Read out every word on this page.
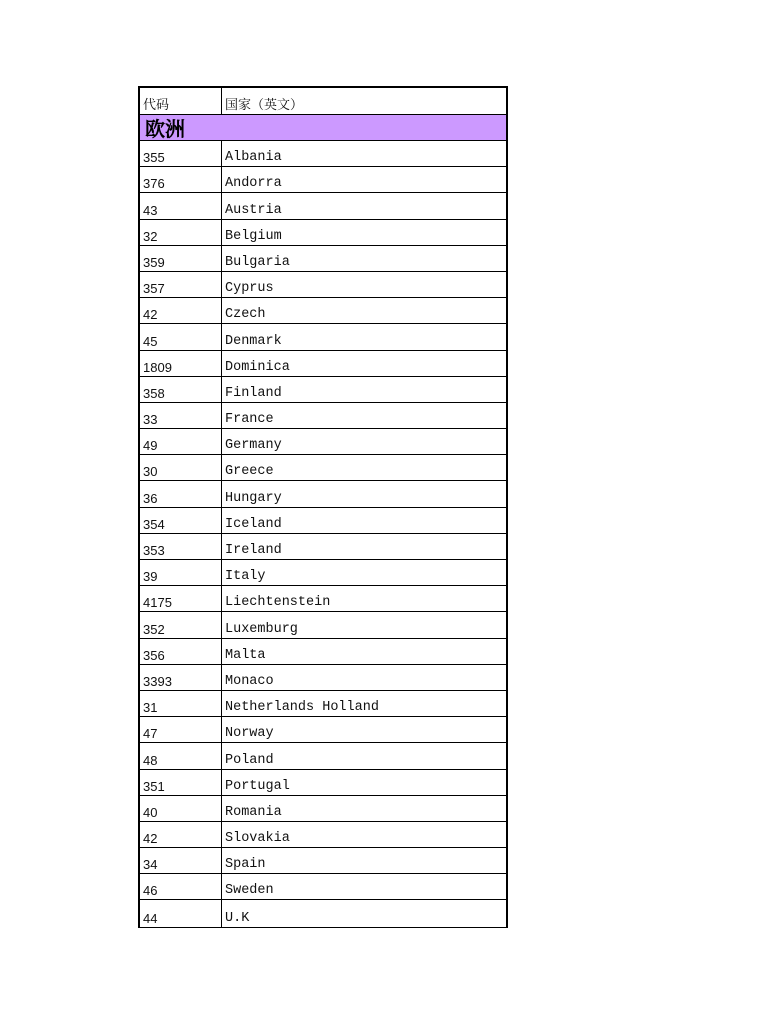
代码	国家（英文）
欧洲
355	Albania
376	Andorra
43	Austria
32	Belgium
359	Bulgaria
357	Cyprus
42	Czech
45	Denmark
1809	Dominica
358	Finland
33	France
49	Germany
30	Greece
36	Hungary
354	Iceland
353	Ireland
39	Italy
4175	Liechtenstein
352	Luxemburg
356	Malta
3393	Monaco
31	Netherlands Holland
47	Norway
48	Poland
351	Portugal
40	Romania
42	Slovakia
34	Spain
46	Sweden
44	U.K
